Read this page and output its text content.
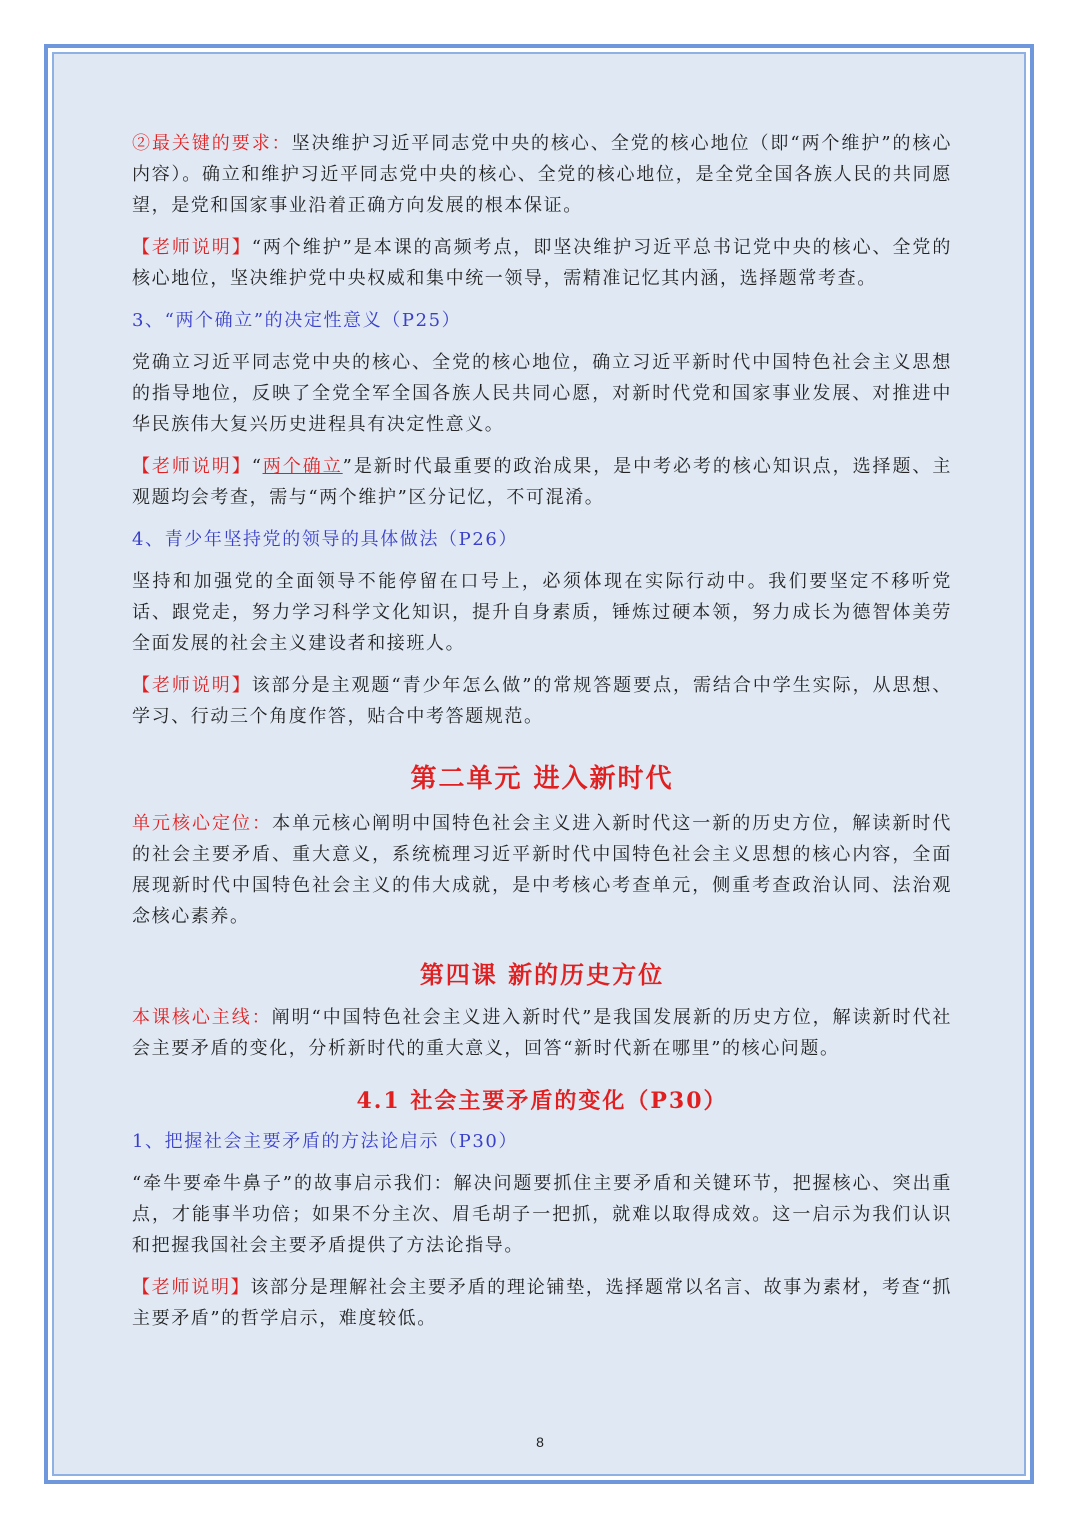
②最关键的要求：坚决维护习近平同志党中央的核心、全党的核心地位（即“两个维护”的核心内容）。确立和维护习近平同志党中央的核心、全党的核心地位，是全党全国各族人民的共同愿望，是党和国家事业沿着正确方向发展的根本保证。

【老师说明】“两个维护”是本课的高频考点，即坚决维护习近平总书记党中央的核心、全党的核心地位，坚决维护党中央权威和集中统一领导，需精准记忆其内涵，选择题常考查。

3、“两个确立”的决定性意义（P25）

党确立习近平同志党中央的核心、全党的核心地位，确立习近平新时代中国特色社会主义思想的指导地位，反映了全党全军全国各族人民共同心愿，对新时代党和国家事业发展、对推进中华民族伟大复兴历史进程具有决定性意义。

【老师说明】“两个确立”是新时代最重要的政治成果，是中考必考的核心知识点，选择题、主观题均会考查，需与“两个维护”区分记忆，不可混淆。

4、青少年坚持党的领导的具体做法（P26）

坚持和加强党的全面领导不能停留在口号上，必须体现在实际行动中。我们要坚定不移听党话、跟党走，努力学习科学文化知识，提升自身素质，锤炼过硬本领，努力成长为德智体美劳全面发展的社会主义建设者和接班人。

【老师说明】该部分是主观题“青少年怎么做”的常规答题要点，需结合中学生实际，从思想、学习、行动三个角度作答，贴合中考答题规范。

第二单元 进入新时代

单元核心定位：本单元核心阐明中国特色社会主义进入新时代这一新的历史方位，解读新时代的社会主要矛盾、重大意义，系统梳理习近平新时代中国特色社会主义思想的核心内容，全面展现新时代中国特色社会主义的伟大成就，是中考核心考查单元，侧重考查政治认同、法治观念核心素养。

第四课 新的历史方位

本课核心主线：阐明“中国特色社会主义进入新时代”是我国发展新的历史方位，解读新时代社会主要矛盾的变化，分析新时代的重大意义，回答“新时代新在哪里”的核心问题。

4.1 社会主要矛盾的变化（P30）

1、把握社会主要矛盾的方法论启示（P30）

“牵牛要牵牛鼻子”的故事启示我们：解决问题要抓住主要矛盾和关键环节，把握核心、突出重点，才能事半功倍；如果不分主次、眉毛胡子一把抓，就难以取得成效。这一启示为我们认识和把握我国社会主要矛盾提供了方法论指导。

【老师说明】该部分是理解社会主要矛盾的理论铺垫，选择题常以名言、故事为素材，考查“抓主要矛盾”的哲学启示，难度较低。

8
